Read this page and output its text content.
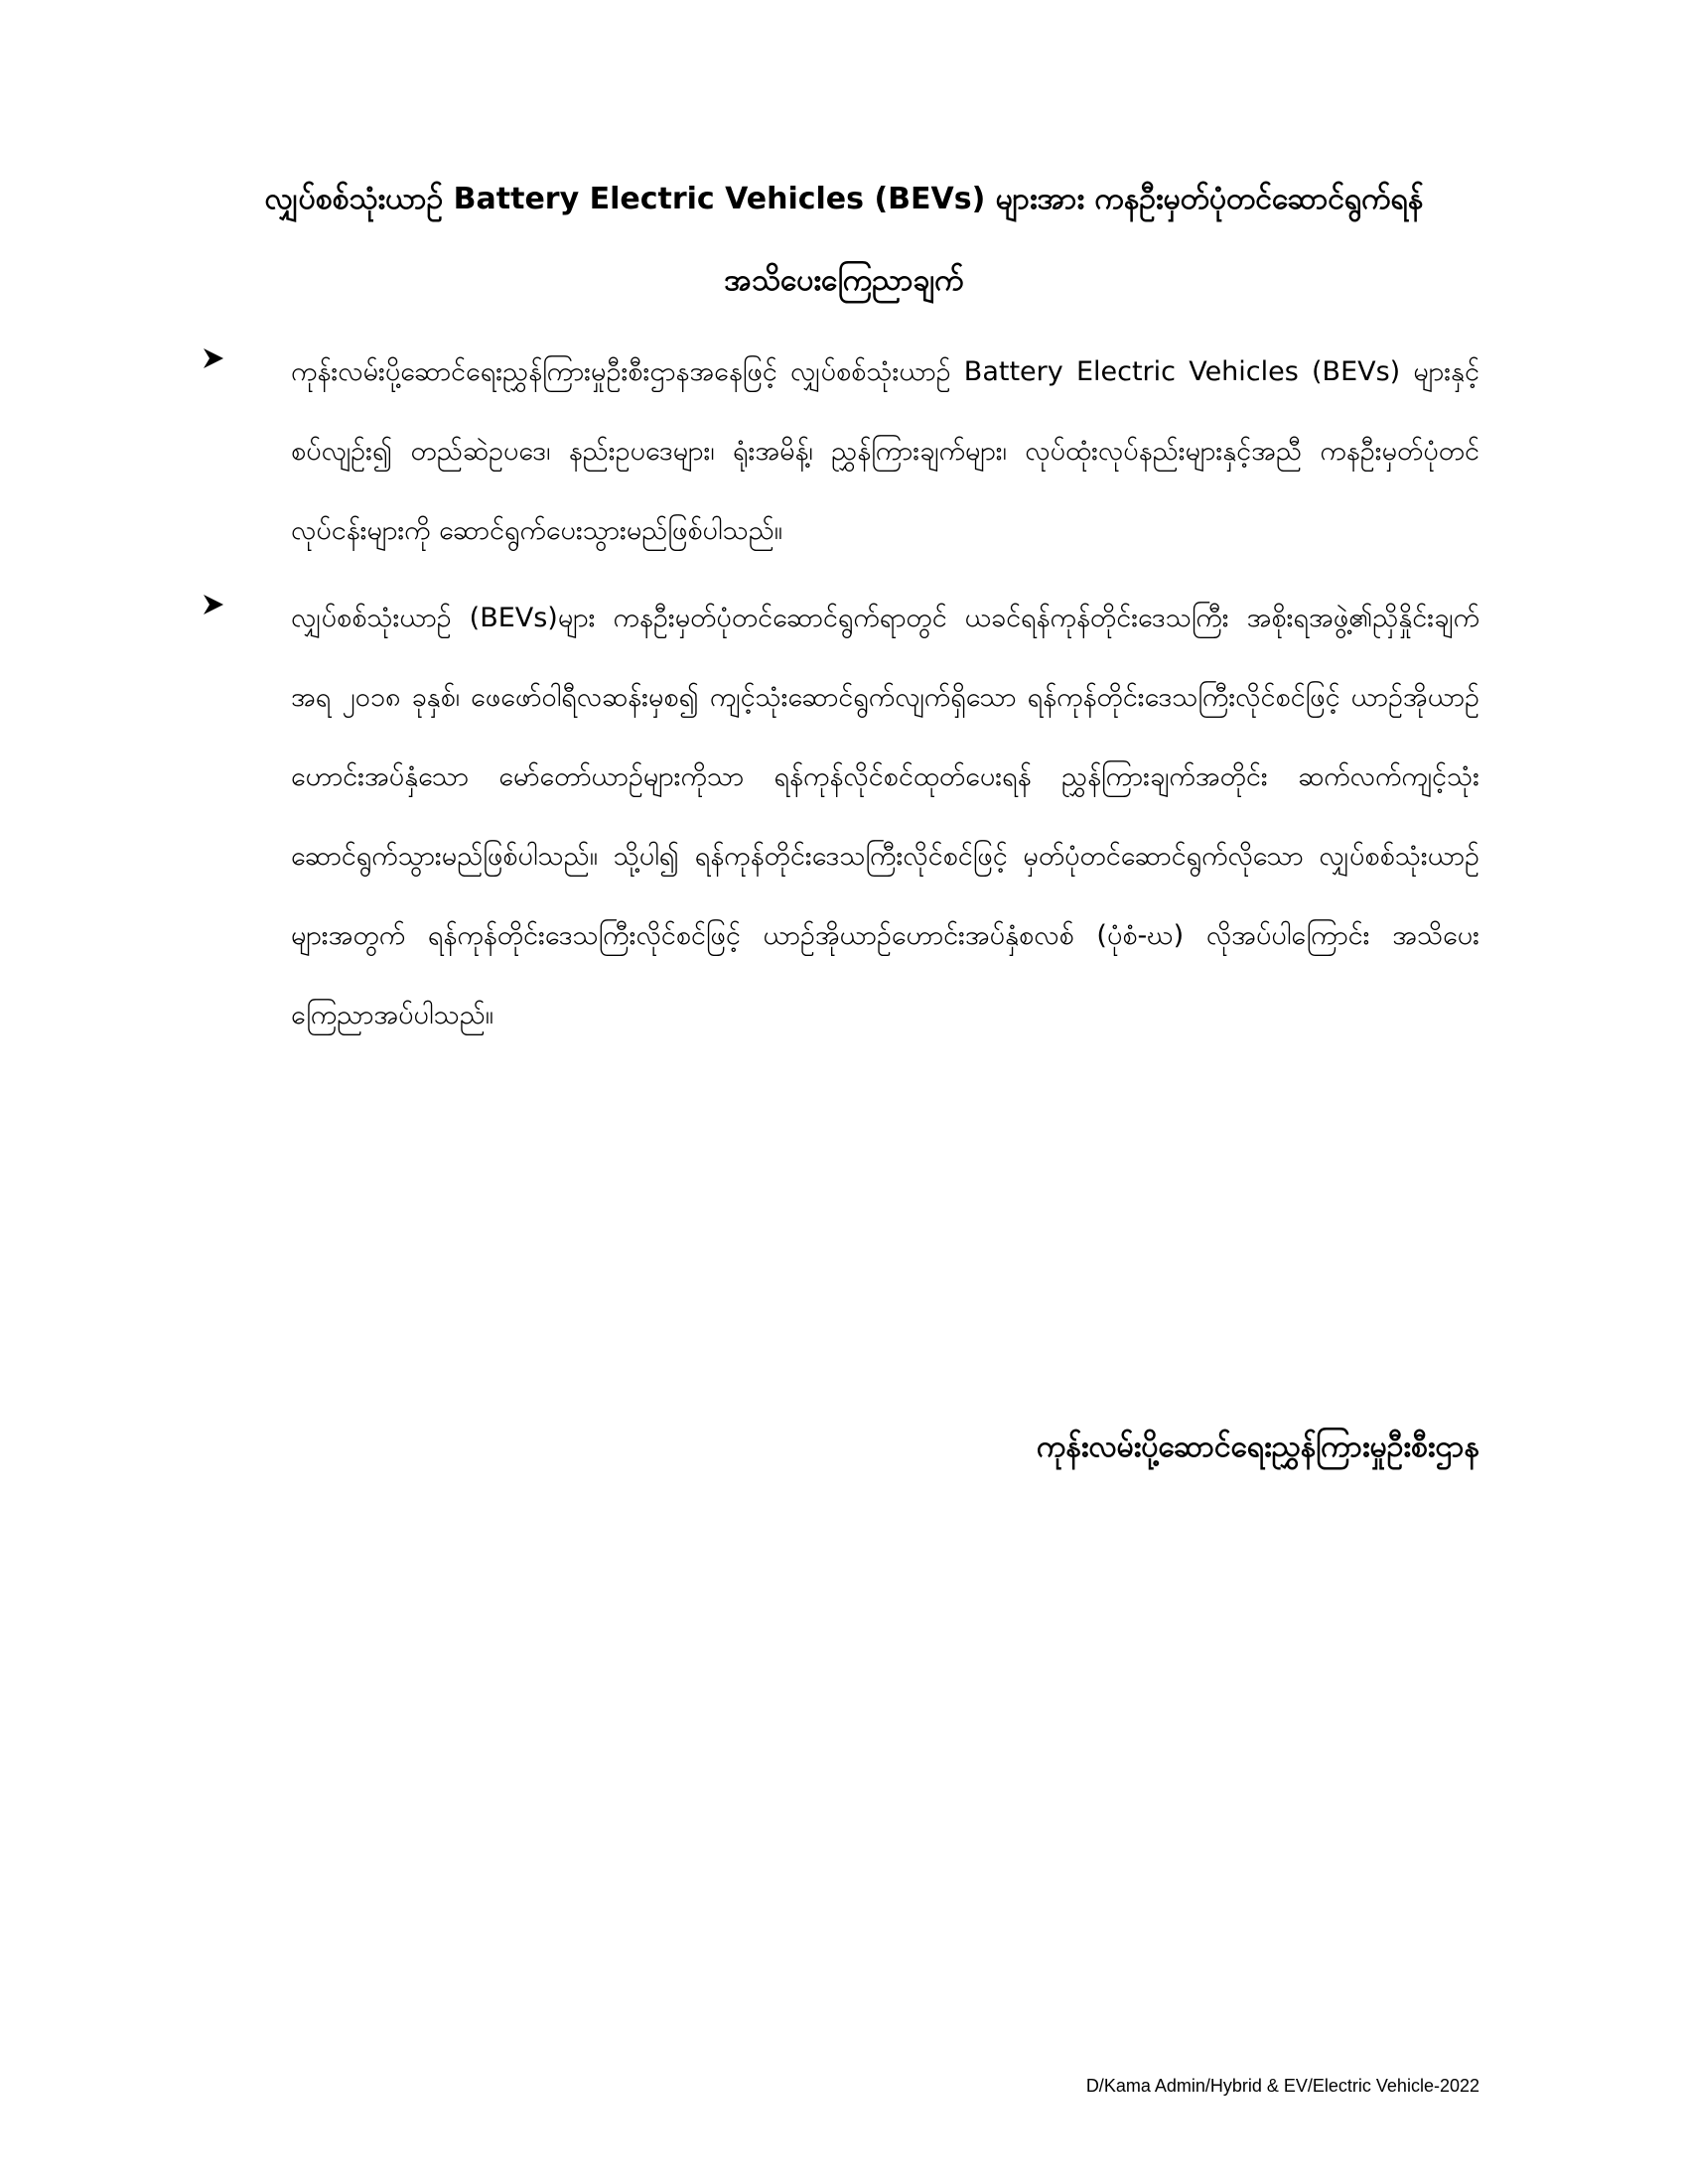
လျှပ်စစ်သုံးယာဉ် Battery Electric Vehicles (BEVs) များအား ကနဦးမှတ်ပုံတင်ဆောင်ရွက်ရန်
အသိပေးကြေညာချက်
ကုန်းလမ်းပို့ဆောင်ရေးညွှန်ကြားမှုဦးစီးဌာနအနေဖြင့် လျှပ်စစ်သုံးယာဉ် Battery Electric Vehicles (BEVs) များနှင့်စပ်လျဉ်း၍ တည်ဆဲဥပဒေ၊ နည်းဥပဒေများ၊ ရုံးအမိန့်၊ ညွှန်ကြားချက်များ၊ လုပ်ထုံးလုပ်နည်းများနှင့်အညီ ကနဦးမှတ်ပုံတင်လုပ်ငန်းများကို ဆောင်ရွက်ပေးသွားမည်ဖြစ်ပါသည်။
လျှပ်စစ်သုံးယာဉ် (BEVs)များ ကနဦးမှတ်ပုံတင်ဆောင်ရွက်ရာတွင် ယခင်ရန်ကုန်တိုင်းဒေသကြီး အစိုးရအဖွဲ့၏ညှိနှိုင်းချက်အရ ၂၀၁၈ ခုနှစ်၊ ဖေဖော်ဝါရီလဆန်းမှစ၍ ကျင့်သုံးဆောင်ရွက်လျက်ရှိသော ရန်ကုန်တိုင်းဒေသကြီးလိုင်စင်ဖြင့် ယာဉ်အိုယာဉ်ဟောင်းအပ်နှံသော မော်တော်ယာဉ်များကိုသာ ရန်ကုန်လိုင်စင်ထုတ်ပေးရန် ညွှန်ကြားချက်အတိုင်း ဆက်လက်ကျင့်သုံးဆောင်ရွက်သွားမည်ဖြစ်ပါသည်။ သို့ပါ၍ ရန်ကုန်တိုင်းဒေသကြီးလိုင်စင်ဖြင့် မှတ်ပုံတင်ဆောင်ရွက်လိုသော လျှပ်စစ်သုံးယာဉ်များအတွက် ရန်ကုန်တိုင်းဒေသကြီးလိုင်စင်ဖြင့် ယာဉ်အိုယာဉ်ဟောင်းအပ်နှံစလစ် (ပုံစံ-ဃ) လိုအပ်ပါကြောင်း အသိပေးကြေညာအပ်ပါသည်။
ကုန်းလမ်းပို့ဆောင်ရေးညွှန်ကြားမှုဦးစီးဌာန
D/Kama Admin/Hybrid & EV/Electric Vehicle-2022
